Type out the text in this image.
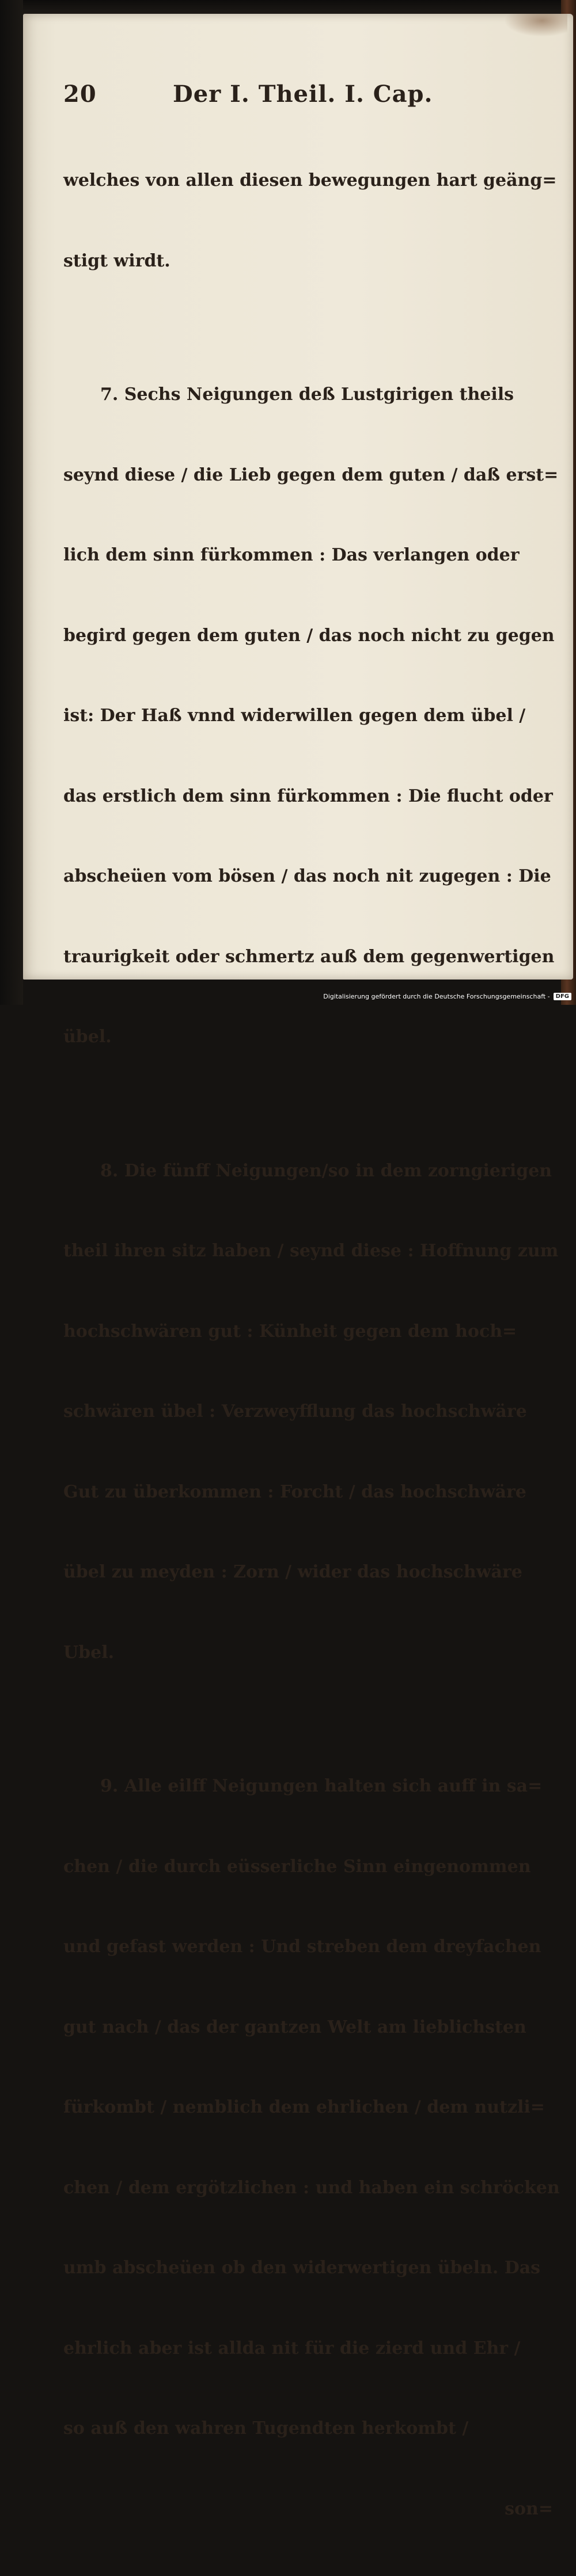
20	Der I. Theil. I. Cap.

welches von allen diesen bewegungen hart geäng=

stigt wirdt.

7. Sechs Neigungen deß Lustgirigen theils

seynd diese / die Lieb gegen dem guten / daß erst=

lich dem sinn fürkommen : Das verlangen oder

begird gegen dem guten / das noch nicht zu gegen

ist: Der Haß vnnd widerwillen gegen dem übel /

das erstlich dem sinn fürkommen : Die flucht oder

abscheüen vom bösen / das noch nit zugegen : Die

traurigkeit oder schmertz auß dem gegenwertigen

übel.

8. Die fünff Neigungen/so in dem zorngierigen

theil ihren sitz haben / seynd diese : Hoffnung zum

hochschwären gut : Künheit gegen dem hoch=

schwären übel : Verzweyfflung das hochschwäre

Gut zu überkommen : Forcht / das hochschwäre

übel zu meyden : Zorn / wider das hochschwäre

Ubel.

9. Alle eilff Neigungen halten sich auff in sa=

chen / die durch eüsserliche Sinn eingenommen

und gefast werden : Und streben dem dreyfachen

gut nach / das der gantzen Welt am lieblichsten

fürkombt / nemblich dem ehrlichen / dem nutzli=

chen / dem ergötzlichen : und haben ein schröcken

umb abscheüen ob den widerwertigen übeln. Das

ehrlich aber ist allda nit für die zierd und Ehr /

so auß den wahren Tugendten herkombt /

son=

Digitalisierung gefördert durch die Deutsche Forschungsgemeinschaft -	DFG
